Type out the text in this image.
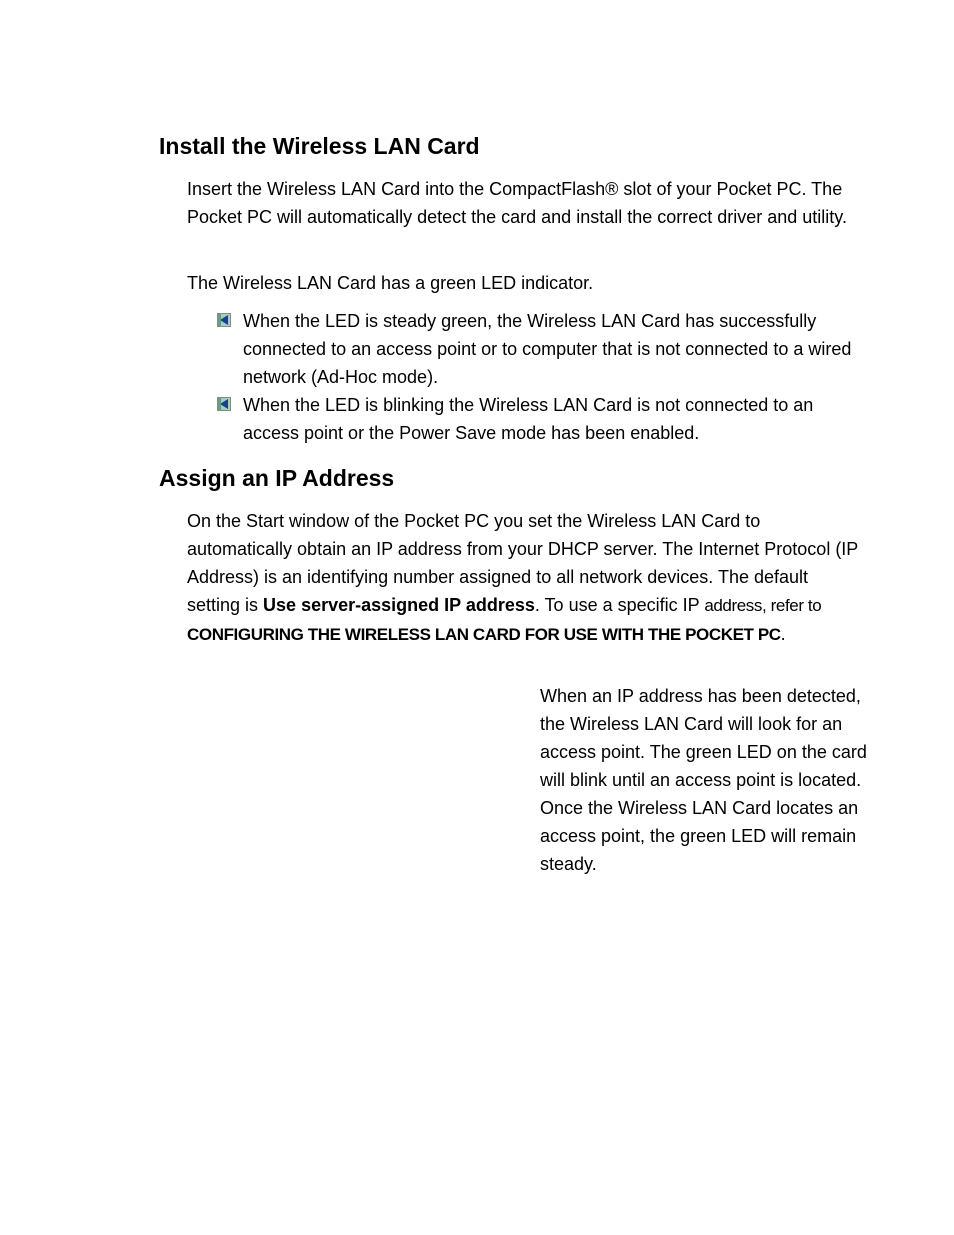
Install the Wireless LAN Card

Insert the Wireless LAN Card into the CompactFlash® slot of your Pocket PC. The Pocket PC will automatically detect the card and install the correct driver and utility.

The Wireless LAN Card has a green LED indicator.

When the LED is steady green, the Wireless LAN Card has successfully connected to an access point or to computer that is not connected to a wired network (Ad-Hoc mode).
When the LED is blinking the Wireless LAN Card is not connected to an access point or the Power Save mode has been enabled.
Assign an IP Address

On the Start window of the Pocket PC you set the Wireless LAN Card to automatically obtain an IP address from your DHCP server. The Internet Protocol (IP Address) is an identifying number assigned to all network devices. The default setting is Use server-assigned IP address. To use a specific IP address, refer to CONFIGURING THE WIRELESS LAN CARD FOR USE WITH THE POCKET PC.

When an IP address has been detected, the Wireless LAN Card will look for an access point. The green LED on the card will blink until an access point is located. Once the Wireless LAN Card locates an access point, the green LED will remain steady.
